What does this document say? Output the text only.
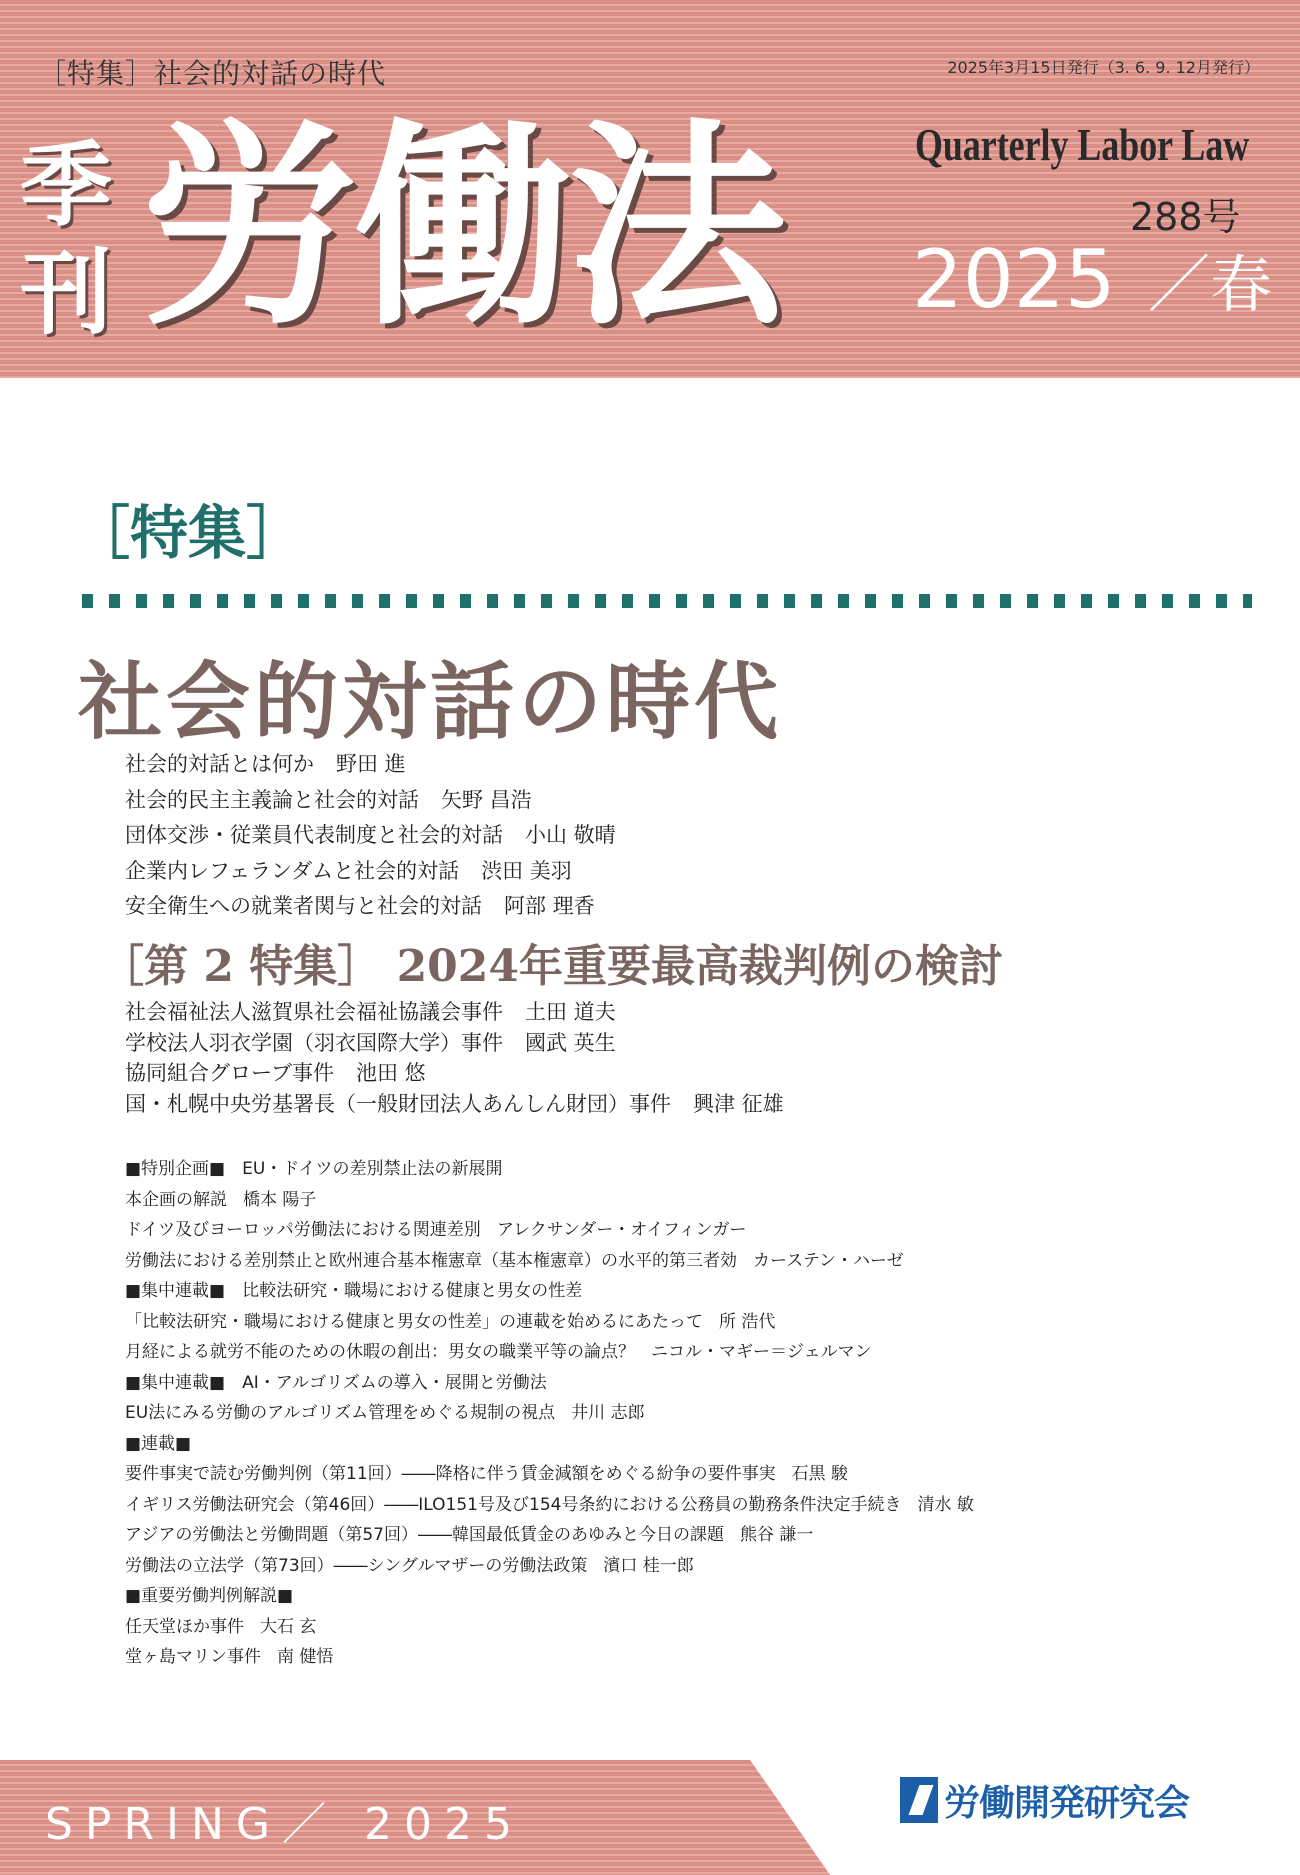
［特集］社会的対話の時代	2025年3月15日発行（3. 6. 9. 12月発行）
季
刊 労働法	Quarterly Labor Law
288号
2025 ／春
［特集］
社会的対話の時代
社会的対話とは何か 野田 進
社会的民主主義論と社会的対話 矢野 昌浩
団体交渉・従業員代表制度と社会的対話 小山 敬晴
企業内レフェランダムと社会的対話 渋田 美羽
安全衛生への就業者関与と社会的対話 阿部 理香
［第 2 特集］ 2024年重要最高裁判例の検討
社会福祉法人滋賀県社会福祉協議会事件 土田 道夫
学校法人羽衣学園（羽衣国際大学）事件 國武 英生
協同組合グローブ事件 池田 悠
国・札幌中央労基署長（一般財団法人あんしん財団）事件 興津 征雄
■特別企画■　EU・ドイツの差別禁止法の新展開
本企画の解説 橋本 陽子
ドイツ及びヨーロッパ労働法における関連差別 アレクサンダー・オイフィンガー
労働法における差別禁止と欧州連合基本権憲章（基本権憲章）の水平的第三者効 カーステン・ハーゼ
■集中連載■　比較法研究・職場における健康と男女の性差
「比較法研究・職場における健康と男女の性差」の連載を始めるにあたって 所 浩代
月経による就労不能のための休暇の創出：男女の職業平等の論点？ ニコル・マギー＝ジェルマン
■集中連載■　AI・アルゴリズムの導入・展開と労働法
EU法にみる労働のアルゴリズム管理をめぐる規制の視点 井川 志郎
■連載■
要件事実で読む労働判例（第11回）――降格に伴う賃金減額をめぐる紛争の要件事実 石黒 駿
イギリス労働法研究会（第46回）――ILO151号及び154号条約における公務員の勤務条件決定手続き 清水 敏
アジアの労働法と労働問題（第57回）――韓国最低賃金のあゆみと今日の課題 熊谷 謙一
労働法の立法学（第73回）――シングルマザーの労働法政策 濱口 桂一郎
■重要労働判例解説■
任天堂ほか事件 大石 玄
堂ヶ島マリン事件 南 健悟
SPRING／ 2025	労働開発研究会
